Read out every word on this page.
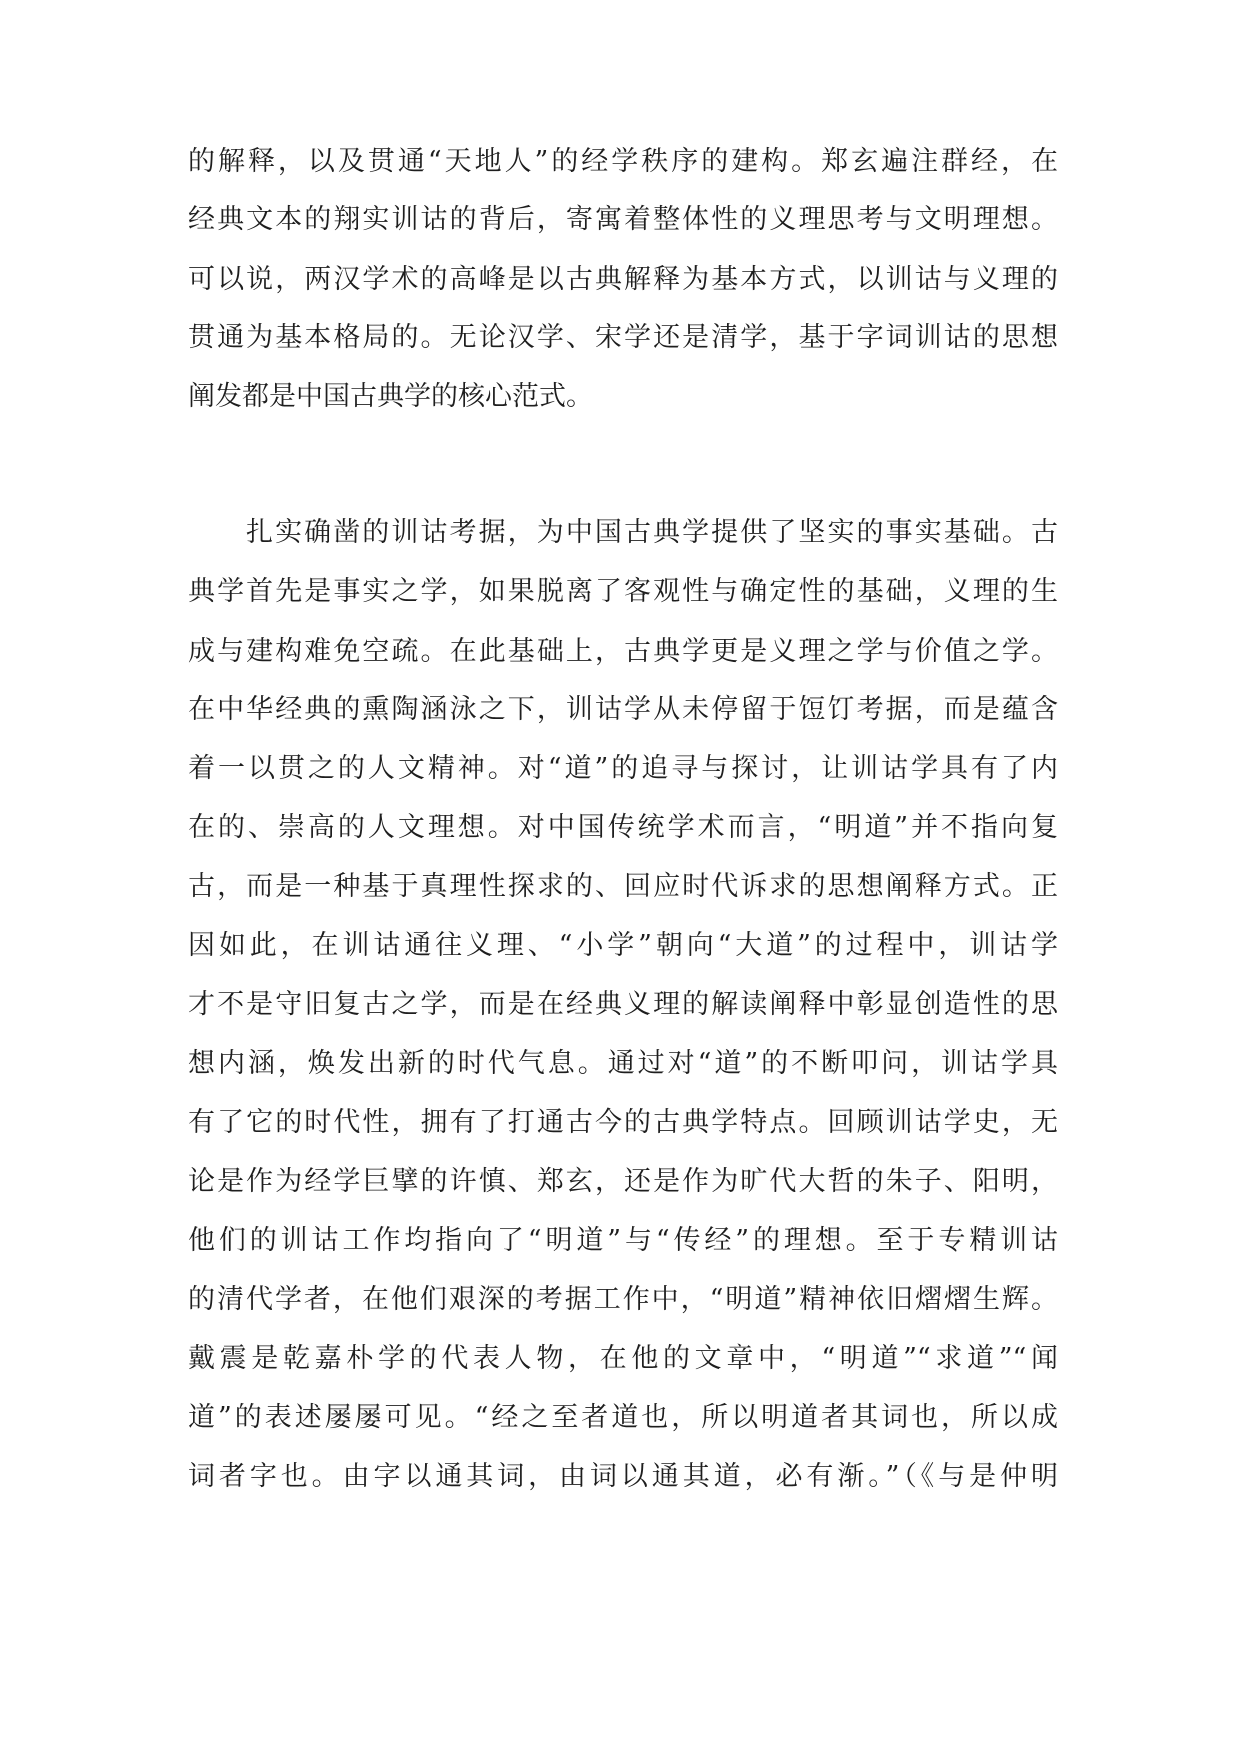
的解释，以及贯通“天地人”的经学秩序的建构。郑玄遍注群经，在
经典文本的翔实训诂的背后，寄寓着整体性的义理思考与文明理想。
可以说，两汉学术的高峰是以古典解释为基本方式，以训诂与义理的
贯通为基本格局的。无论汉学、宋学还是清学，基于字词训诂的思想
阐发都是中国古典学的核心范式。
扎实确凿的训诂考据，为中国古典学提供了坚实的事实基础。古
典学首先是事实之学，如果脱离了客观性与确定性的基础，义理的生
成与建构难免空疏。在此基础上，古典学更是义理之学与价值之学。
在中华经典的熏陶涵泳之下，训诂学从未停留于饾饤考据，而是蕴含
着一以贯之的人文精神。对“道”的追寻与探讨，让训诂学具有了内
在的、崇高的人文理想。对中国传统学术而言，“明道”并不指向复
古，而是一种基于真理性探求的、回应时代诉求的思想阐释方式。正
因如此，在训诂通往义理、“小学”朝向“大道”的过程中，训诂学
才不是守旧复古之学，而是在经典义理的解读阐释中彰显创造性的思
想内涵，焕发出新的时代气息。通过对“道”的不断叩问，训诂学具
有了它的时代性，拥有了打通古今的古典学特点。回顾训诂学史，无
论是作为经学巨擘的许慎、郑玄，还是作为旷代大哲的朱子、阳明，
他们的训诂工作均指向了“明道”与“传经”的理想。至于专精训诂
的清代学者，在他们艰深的考据工作中，“明道”精神依旧熠熠生辉。
戴震是乾嘉朴学的代表人物，在他的文章中，“明道”“求道”“闻
道”的表述屡屡可见。“经之至者道也，所以明道者其词也，所以成
词者字也。由字以通其词，由词以通其道，必有渐。”（《与是仲明
